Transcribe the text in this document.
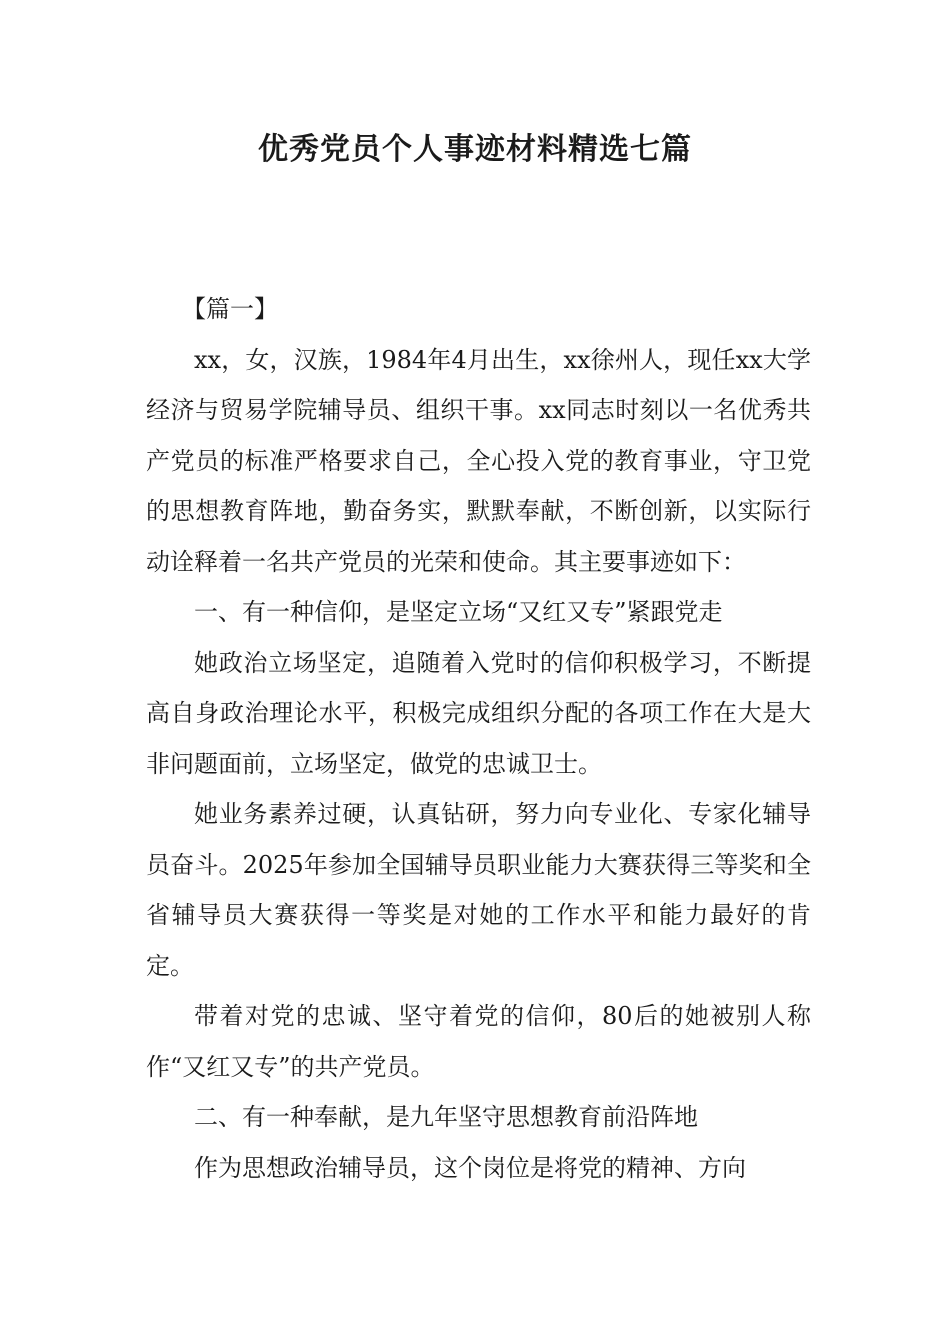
优秀党员个人事迹材料精选七篇

【篇一】

xx，女，汉族，1984年4月出生，xx徐州人，现任xx大学经济与贸易学院辅导员、组织干事。xx同志时刻以一名优秀共产党员的标准严格要求自己，全心投入党的教育事业，守卫党的思想教育阵地，勤奋务实，默默奉献，不断创新，以实际行动诠释着一名共产党员的光荣和使命。其主要事迹如下：

一、有一种信仰，是坚定立场“又红又专”紧跟党走

她政治立场坚定，追随着入党时的信仰积极学习，不断提高自身政治理论水平，积极完成组织分配的各项工作在大是大非问题面前，立场坚定，做党的忠诚卫士。

她业务素养过硬，认真钻研，努力向专业化、专家化辅导员奋斗。2025年参加全国辅导员职业能力大赛获得三等奖和全省辅导员大赛获得一等奖是对她的工作水平和能力最好的肯定。

带着对党的忠诚、坚守着党的信仰，80后的她被别人称作“又红又专”的共产党员。

二、有一种奉献，是九年坚守思想教育前沿阵地

作为思想政治辅导员，这个岗位是将党的精神、方向
